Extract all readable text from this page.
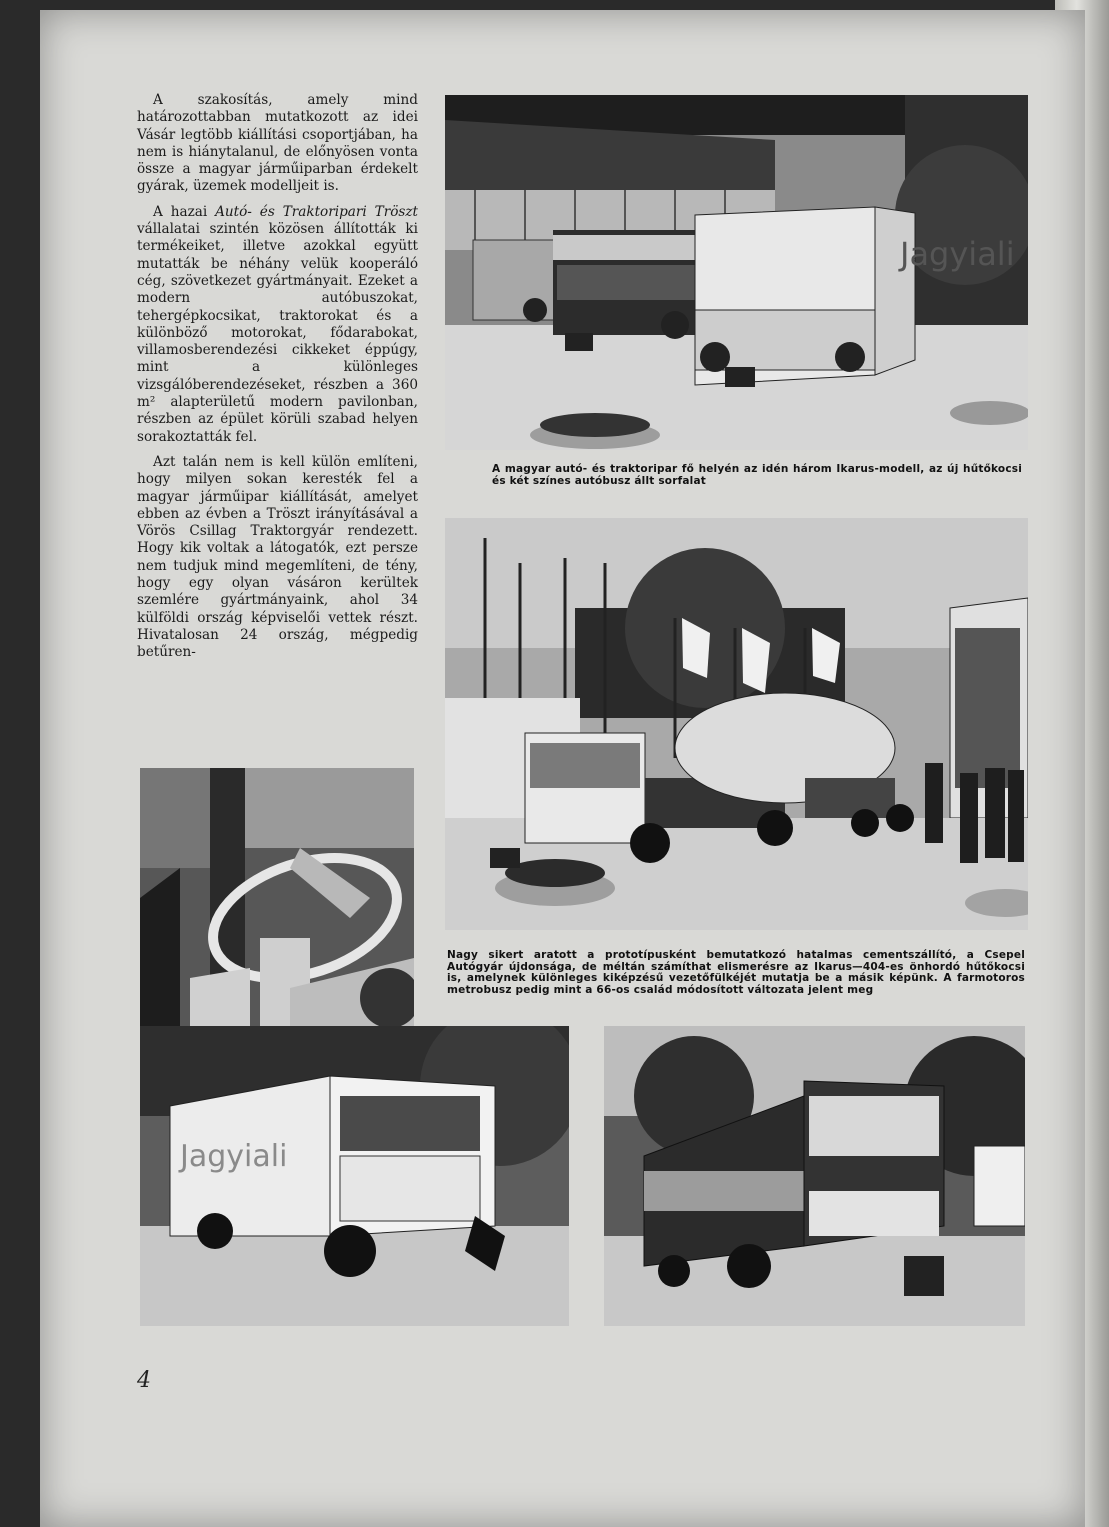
A szakosítás, amely mind határozottabban mutatkozott az idei Vásár legtöbb kiállítási csoportjában, ha nem is hiánytalanul, de előnyösen vonta össze a magyar járműiparban érdekelt gyárak, üzemek modelljeit is.

A hazai Autó- és Traktoripari Tröszt vállalatai szintén közösen állították ki termékeiket, illetve azokkal együtt mutatták be néhány velük kooperáló cég, szövetkezet gyártmányait. Ezeket a modern autóbuszokat, tehergépkocsikat, traktorokat és a különböző motorokat, fődarabokat, villamosberendezési cikkeket éppúgy, mint a különleges vizsgálóberendezéseket, részben a 360 m² alapterületű modern pavilonban, részben az épület körüli szabad helyen sorakoztatták fel.

Azt talán nem is kell külön említeni, hogy milyen sokan keresték fel a magyar járműipar kiállítását, amelyet ebben az évben a Tröszt irányításával a Vörös Csillag Traktorgyár rendezett. Hogy kik voltak a látogatók, ezt persze nem tudjuk mind megemlíteni, de tény, hogy egy olyan vásáron kerültek szemlére gyártmányaink, ahol 34 külföldi ország képviselői vettek részt. Hivatalosan 24 ország, mégpedig betűren-

Jagyiali
A magyar autó- és traktoripar fő helyén az idén három Ikarus-modell, az új hűtőkocsi és két színes autóbusz állt sorfalat
Nagy sikert aratott a prototípusként bemutatkozó hatalmas cementszállító, a Csepel Autógyár újdonsága, de méltán számíthat elismerésre az Ikarus—404-es önhordó hűtőkocsi is, amelynek különleges kiképzésű vezetőfülkéjét mutatja be a másik képünk. A farmotoros metrobusz pedig mint a 66-os család módosított változata jelent meg
Jagyiali
4
